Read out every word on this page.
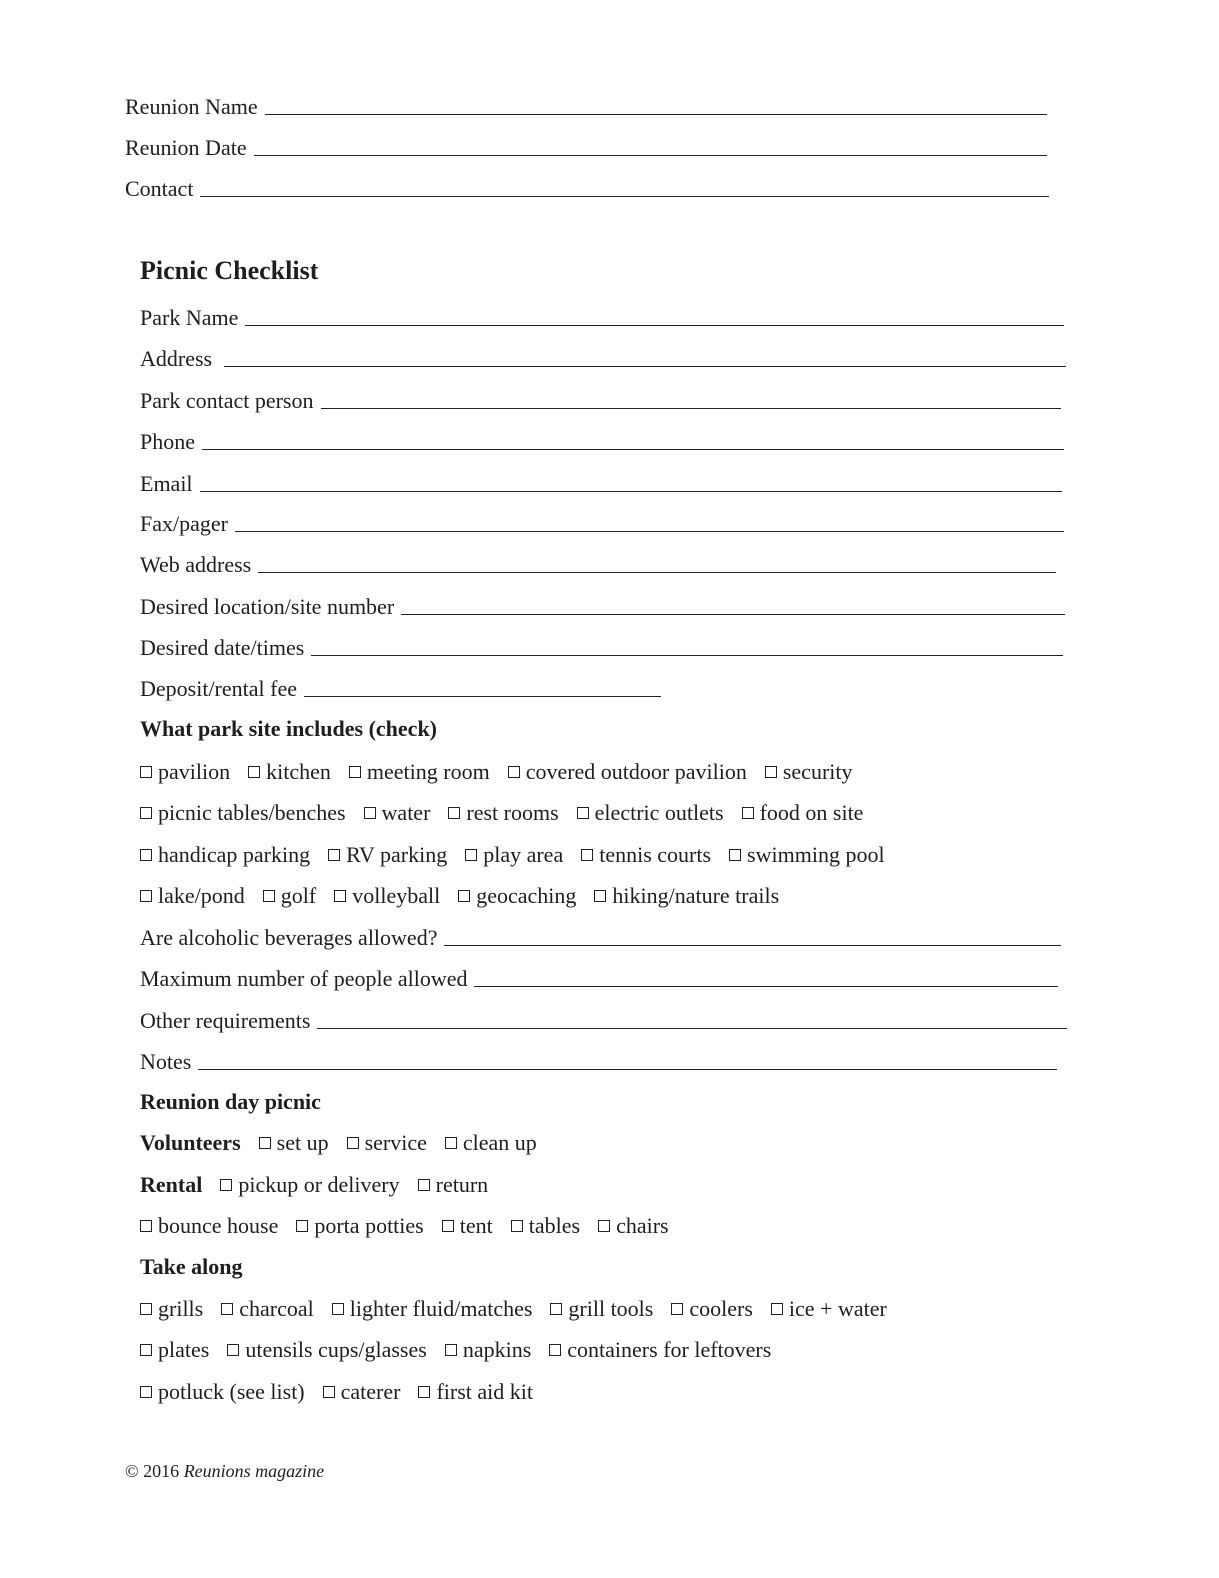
Reunion Name
Reunion Date
Contact
Picnic Checklist
Park Name
Address
Park contact person
Phone
Email
Fax/pager
Web address
Desired location/site number
Desired date/times
Deposit/rental fee
What park site includes (check)
pavilion kitchen meeting room covered outdoor pavilion security
picnic tables/benches water rest rooms electric outlets food on site
handicap parking RV parking play area tennis courts swimming pool
lake/pond golf volleyball geocaching hiking/nature trails
Are alcoholic beverages allowed?
Maximum number of people allowed
Other requirements
Notes
Reunion day picnic
Volunteers set up service clean up
Rental pickup or delivery return
bounce house porta potties tent tables chairs
Take along
grills charcoal lighter fluid/matches grill tools coolers ice + water
plates utensils cups/glasses napkins containers for leftovers
potluck (see list) caterer first aid kit
© 2016 Reunions magazine
